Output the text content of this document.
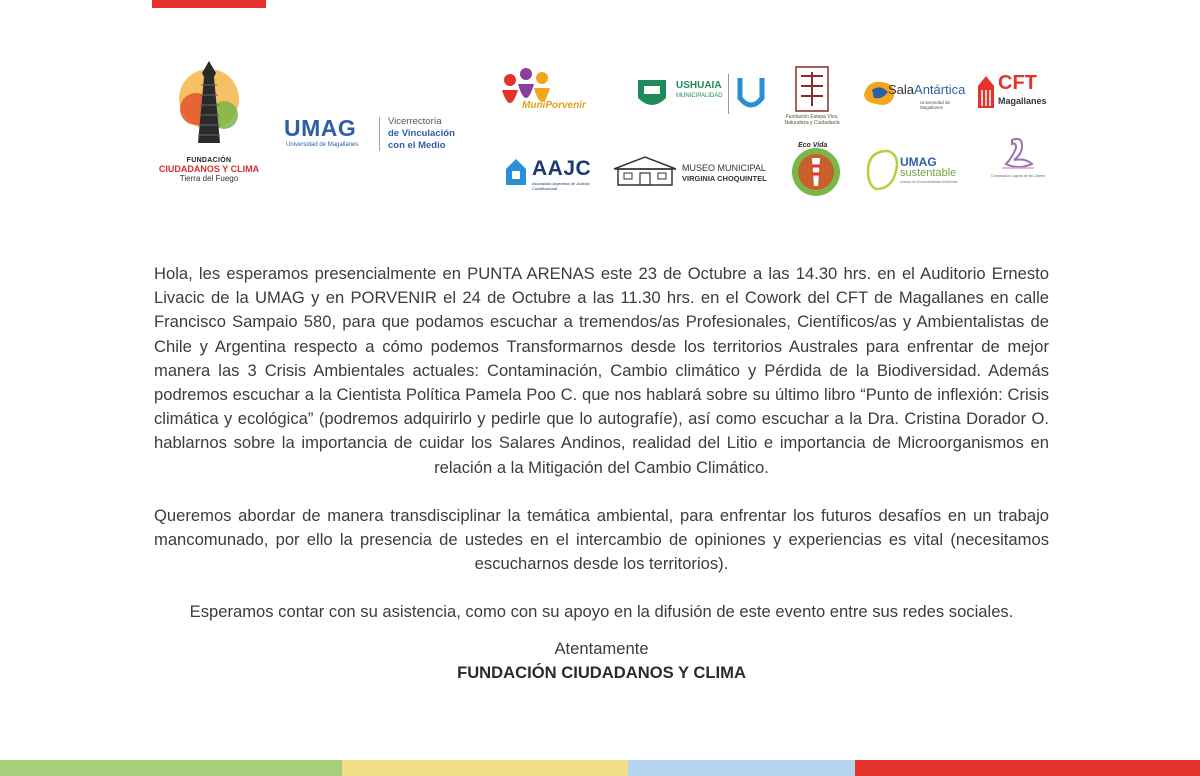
FUNDACIÓN
CIUDADANOS Y CLIMA
Tierra del Fuego
UMAG
Universidad de Magallanes
Vicerrectoría
de Vinculación
con el Medio
MuniPorvenir
USHUAIA
MUNICIPALIDAD
Fundación Estepa Viva, Naturaleza y Ciudadanía
SalaAntártica
Universidad de Magallanes
CFT
Magallanes
AAJC
Asociación Argentina de Justicia Constitucional
MUSEO MUNICIPAL
VIRGINIA CHOQUINTEL
Eco Vida
UMAG
sustentable
Unidad de Sustentabilidad Ambiental
Corporación Laguna de los Cisnes

Hola, les esperamos presencialmente en PUNTA ARENAS este 23 de Octubre a las 14.30 hrs. en el Auditorio Ernesto Livacic de la UMAG y en PORVENIR el 24 de Octubre a las 11.30 hrs. en el Cowork del CFT de Magallanes en calle Francisco Sampaio 580, para que podamos escuchar a tremendos/as Profesionales, Científicos/as y Ambientalistas de Chile y Argentina respecto a cómo podemos Transformarnos desde los territorios Australes para enfrentar de mejor manera las 3 Crisis Ambientales actuales: Contaminación, Cambio climático y Pérdida de la Biodiversidad. Además podremos escuchar a la Cientista Política Pamela Poo C. que nos hablará sobre su último libro “Punto de inflexión: Crisis climática y ecológica” (podremos adquirirlo y pedirle que lo autografíe), así como escuchar a la Dra. Cristina Dorador O. hablarnos sobre la importancia de cuidar los Salares Andinos, realidad del Litio e importancia de Microorganismos en relación a la Mitigación del Cambio Climático.

Queremos abordar de manera transdisciplinar la temática ambiental, para enfrentar los futuros desafíos en un trabajo mancomunado, por ello la presencia de ustedes en el intercambio de opiniones y experiencias es vital (necesitamos escucharnos desde los territorios).

Esperamos contar con su asistencia, como con su apoyo en la difusión de este evento entre sus redes sociales.

Atentamente
FUNDACIÓN CIUDADANOS Y CLIMA
